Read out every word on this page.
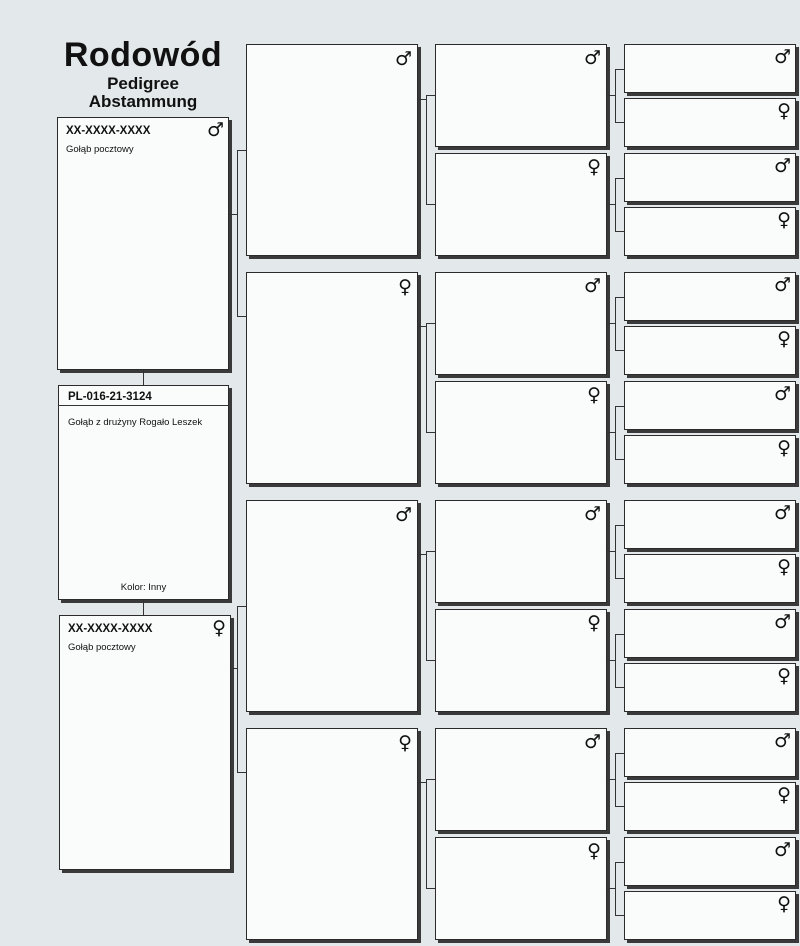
Rodowód
Pedigree
Abstammung
XX-XXXX-XXXX
Gołąb pocztowy
♂
PL-016-21-3124
Gołąb z drużyny Rogało Leszek
Kolor: Inny
XX-XXXX-XXXX
Gołąb pocztowy
♀
♂
♀
♂
♀
♂
♀
♂
♀
♂
♀
♂
♀
♂
♀
♂
♀
♂
♀
♂
♀
♂
♀
♂
♀
♂
♀
♂
♀
